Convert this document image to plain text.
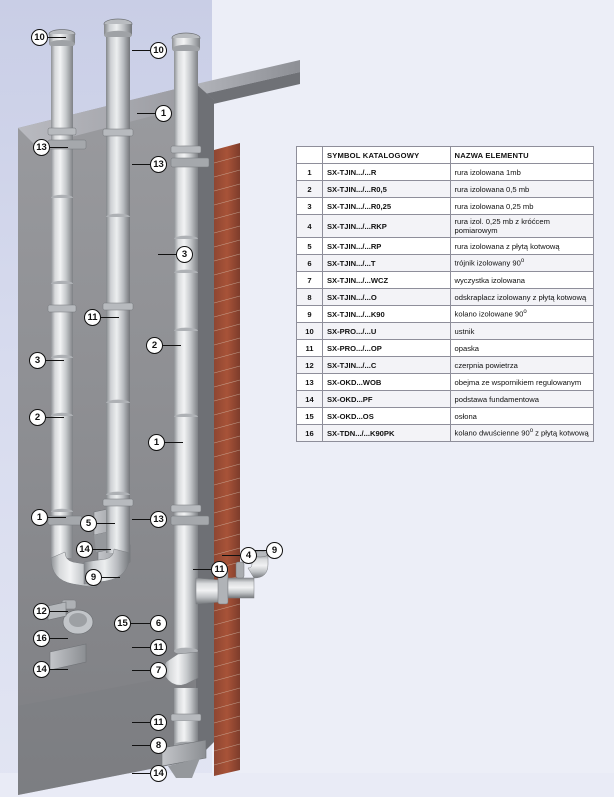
10
10
1
13
13
3
11
2
3
2
1
1
5	13
14
4	9
9
11
12
15	6
16
11
14	7
11
8
14
	SYMBOL KATALOGOWY	NAZWA ELEMENTU
1	SX-TJIN.../...R	rura izolowana 1mb
2	SX-TJIN.../...R0,5	rura izolowana 0,5 mb
3	SX-TJIN.../...R0,25	rura izolowana 0,25 mb
4	SX-TJIN.../...RKP	rura izol. 0,25 mb z króćcem pomiarowym
5	SX-TJIN.../...RP	rura izolowana z płytą kotwową
6	SX-TJIN.../...T	trójnik izolowany 90$^o$
7	SX-TJIN.../...WCZ	wyczystka izolowana
8	SX-TJIN.../...O	odskraplacz izolowany z płytą kotwową
9	SX-TJIN.../...K90	kolano izolowane 90$^o$
10	SX-PRO.../...U	ustnik
11	SX-PRO.../...OP	opaska
12	SX-TJIN.../...C	czerpnia powietrza
13	SX-OKD...WOB	obejma ze wspornikiem regulowanym
14	SX-OKD...PF	podstawa fundamentowa
15	SX-OKD...OS	osłona
16	SX-TDN.../...K90PK	kolano dwuścienne 90$^o$ z płytą kotwową
